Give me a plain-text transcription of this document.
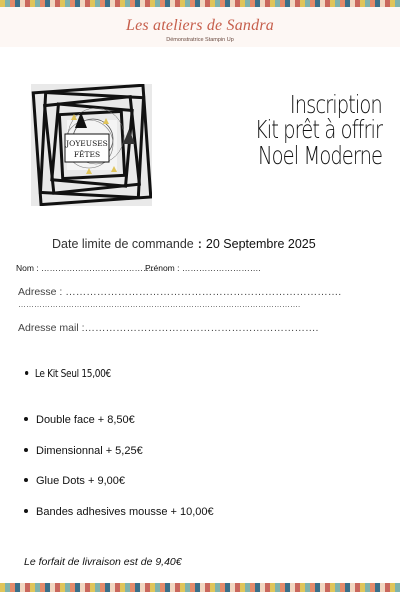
Les ateliers de Sandra
Démonstratrice Stampin Up
JOYEUSES
FÊTES
Inscription
Kit prêt à offrir
Noel Moderne
Date limite de commande : 20 Septembre 2025
Nom : ………………………………….
Prénom : ……………………….
Adresse : …………………………………………………………………….
…………………………………………………………………………………………….
Adresse mail :………………………………………………………….
Le Kit Seul 15,00€
Double face + 8,50€
Dimensionnal + 5,25€
Glue Dots + 9,00€
Bandes adhesives mousse + 10,00€
Le forfait de livraison est de 9,40€
